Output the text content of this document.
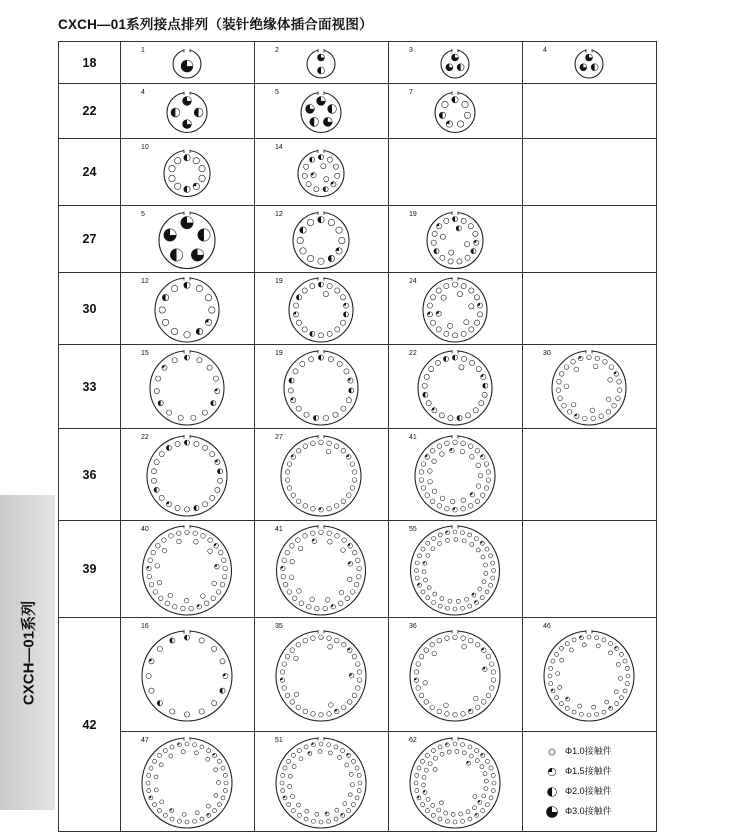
CXCH—01系列接点排列（装针绝缘体插合面视图）
CXCH—01系列
18	1	2	3	4

22	4	5	7	

24	10	14		

27	5	12	19	

30	12	19	24	

33	15	19	22	30

36	22	27	41	

39	40	41	55	

42	16	35	36	46

	47	51	62	Φ1.0接触件
Φ1.5接触件
Φ2.0接触件
Φ3.0接触件
